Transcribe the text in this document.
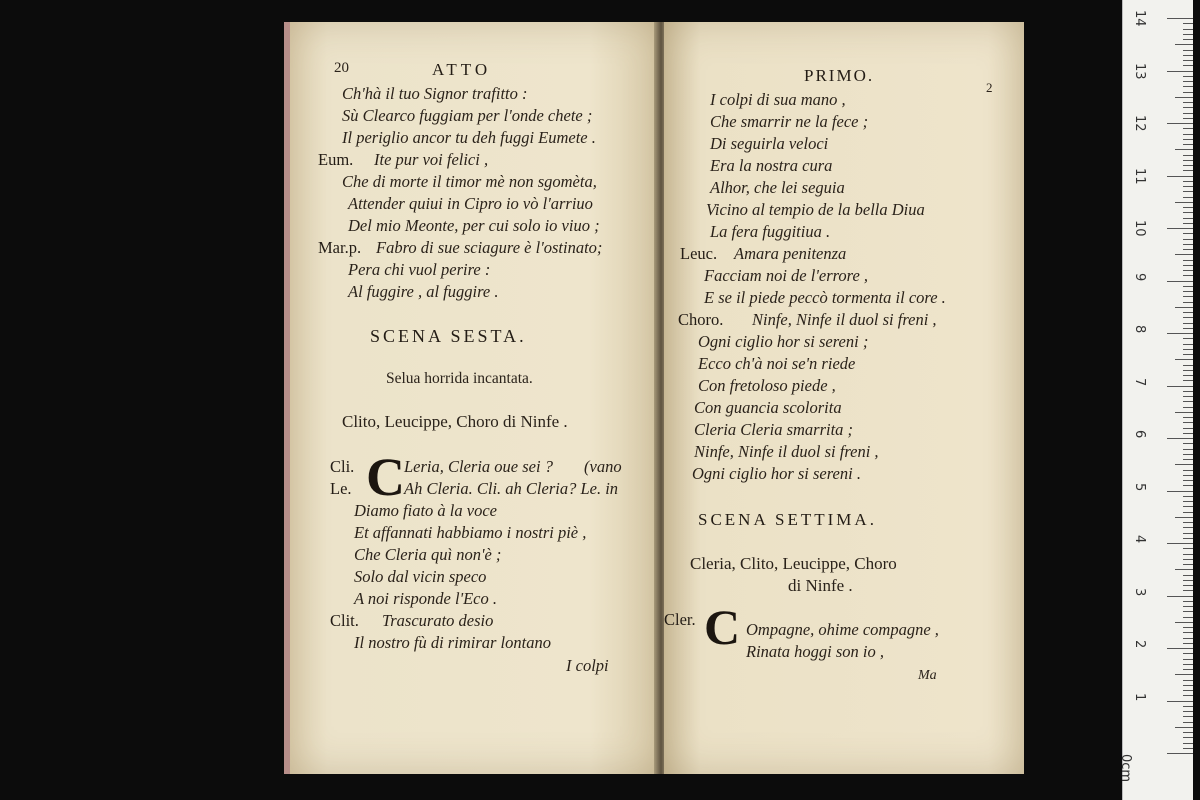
20	ATTO
Ch'hà il tuo Signor trafitto :
Sù Clearco fuggiam per l'onde chete ;
Il periglio ancor tu deh fuggi Eumete .
Eum. Ite pur voi felici ,
Che di morte il timor mè non sgomèta,
Attender quiui in Cipro io vò l'arriuo
Del mio Meonte, per cui solo io viuo ;
Mar.p. Fabro di sue sciagure è l'ostinato;
Pera chi vuol perire :
Al fuggire , al fuggire .
SCENA SESTA.
Selua horrida incantata.
Clito, Leucippe, Choro di Ninfe .
Cli.
Le. C Leria, Cleria oue sei ? (vano
Ah Cleria. Cli. ah Cleria? Le. in
Diamo fiato à la voce
Et affannati habbiamo i nostri piè ,
Che Cleria quì non'è ;
Solo dal vicin speco
A noi risponde l'Eco .
Clit. Trascurato desio
Il nostro fù di rimirar lontano
I colpi
PRIMO.
2
I colpi di sua mano ,
Che smarrir ne la fece ;
Di seguirla veloci
Era la nostra cura
Alhor, che lei seguia
Vicino al tempio de la bella Diua
La fera fuggitiua .
Leuc. Amara penitenza
Facciam noi de l'errore ,
E se il piede peccò tormenta il core .
Choro. Ninfe, Ninfe il duol si freni ,
Ogni ciglio hor si sereni ;
Ecco ch'à noi se'n riede
Con fretoloso piede ,
Con guancia scolorita
Cleria Cleria smarrita ;
Ninfe, Ninfe il duol si freni ,
Ogni ciglio hor si sereni .
SCENA SETTIMA.
Cleria, Clito, Leucippe, Choro
di Ninfe .
Cler. C Ompagne, ohime compagne ,
Rinata hoggi son io ,
Ma
14
13
12
11
10
9
8
7
6
5
4
3
2
1
0cm
